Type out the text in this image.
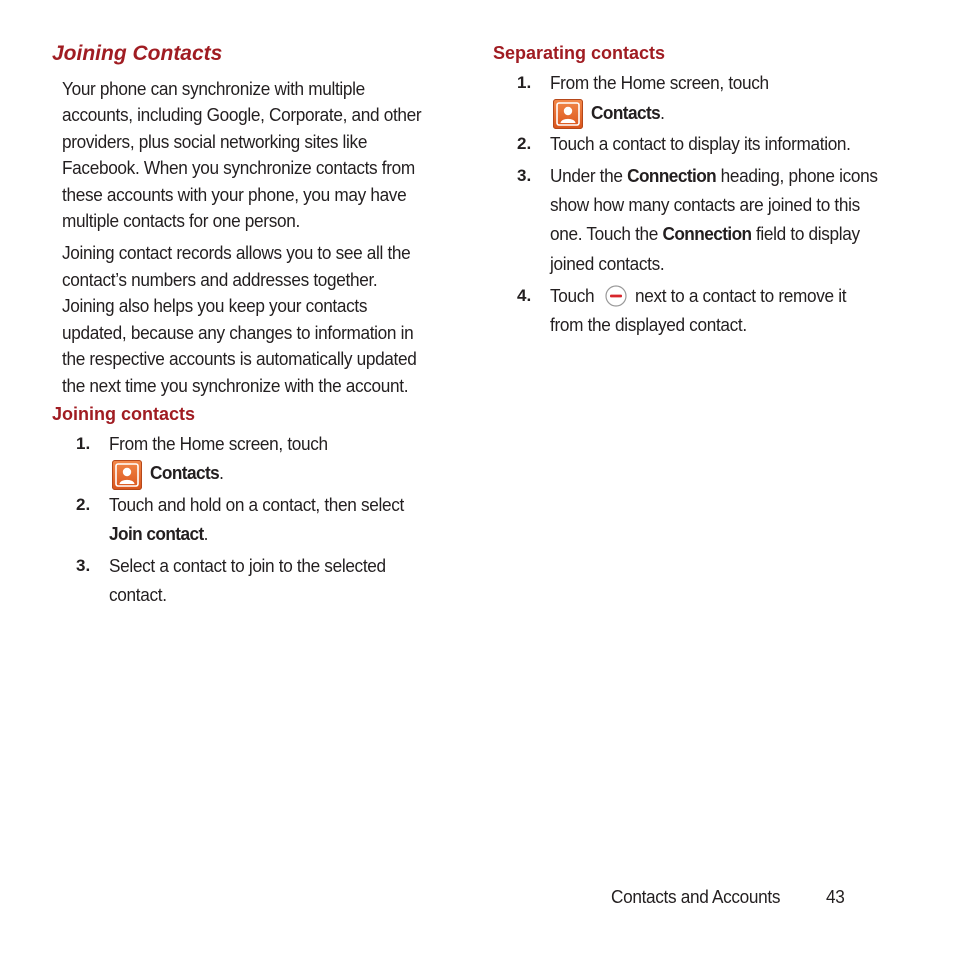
Joining Contacts
Your phone can synchronize with multiple
accounts, including Google, Corporate, and other
providers, plus social networking sites like
Facebook. When you synchronize contacts from
these accounts with your phone, you may have
multiple contacts for one person.
Joining contact records allows you to see all the
contact’s numbers and addresses together.
Joining also helps you keep your contacts
updated, because any changes to information in
the respective accounts is automatically updated
the next time you synchronize with the account.
Joining contacts
1. From the Home screen, touch
Contacts.
2. Touch and hold on a contact, then select
Join contact.
3. Select a contact to join to the selected
contact.
Separating contacts
1. From the Home screen, touch
Contacts.
2. Touch a contact to display its information.
3. Under the Connection heading, phone icons
show how many contacts are joined to this
one. Touch the Connection field to display
joined contacts.
4. Touch next to a contact to remove it
from the displayed contact.
Contacts and Accounts 43
